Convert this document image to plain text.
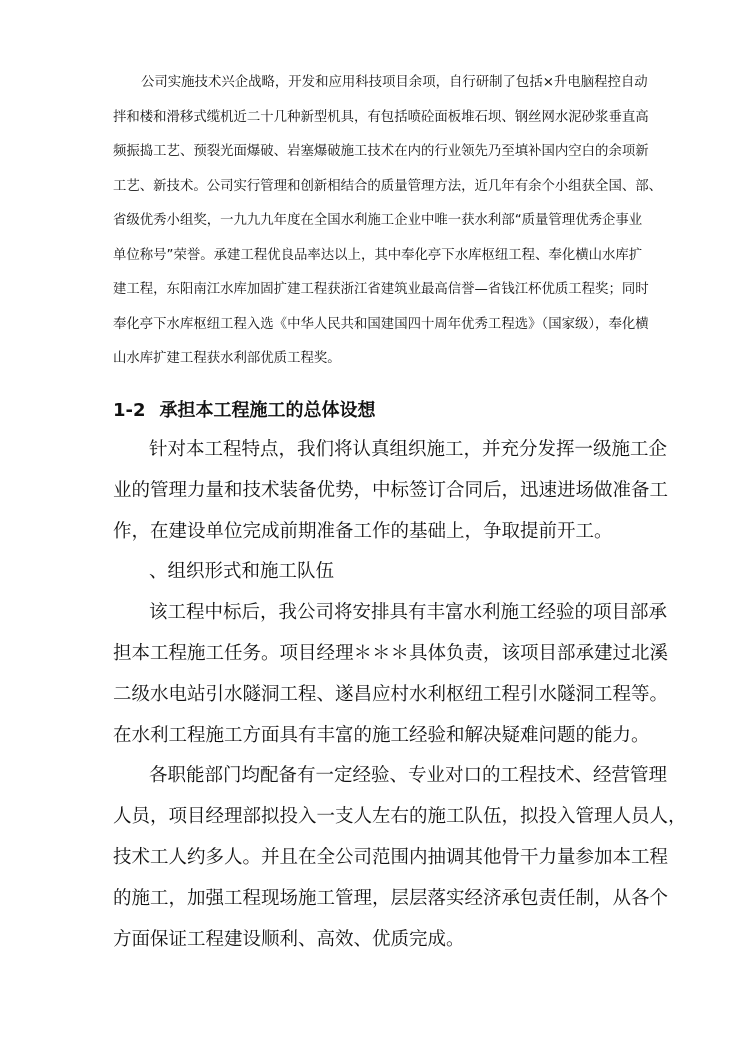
公司实施技术兴企战略，开发和应用科技项目余项，自行研制了包括×升电脑程控自动
拌和楼和滑移式缆机近二十几种新型机具，有包括喷砼面板堆石坝、钢丝网水泥砂浆垂直高
频振捣工艺、预裂光面爆破、岩塞爆破施工技术在内的行业领先乃至填补国内空白的余项新
工艺、新技术。公司实行管理和创新相结合的质量管理方法，近几年有余个小组获全国、部、
省级优秀小组奖，一九九九年度在全国水利施工企业中唯一获水利部“质量管理优秀企事业
单位称号”荣誉。承建工程优良品率达以上，其中奉化亭下水库枢纽工程、奉化横山水库扩
建工程，东阳南江水库加固扩建工程获浙江省建筑业最高信誉—省钱江杯优质工程奖；同时
奉化亭下水库枢纽工程入选《中华人民共和国建国四十周年优秀工程选》（国家级），奉化横
山水库扩建工程获水利部优质工程奖。
1-2 承担本工程施工的总体设想
针对本工程特点，我们将认真组织施工，并充分发挥一级施工企
业的管理力量和技术装备优势，中标签订合同后，迅速进场做准备工
作，在建设单位完成前期准备工作的基础上，争取提前开工。
、组织形式和施工队伍
该工程中标后，我公司将安排具有丰富水利施工经验的项目部承
担本工程施工任务。项目经理＊＊＊具体负责，该项目部承建过北溪
二级水电站引水隧洞工程、遂昌应村水利枢纽工程引水隧洞工程等。
在水利工程施工方面具有丰富的施工经验和解决疑难问题的能力。
各职能部门均配备有一定经验、专业对口的工程技术、经营管理
人员，项目经理部拟投入一支人左右的施工队伍，拟投入管理人员人，
技术工人约多人。并且在全公司范围内抽调其他骨干力量参加本工程
的施工，加强工程现场施工管理，层层落实经济承包责任制，从各个
方面保证工程建设顺利、高效、优质完成。
